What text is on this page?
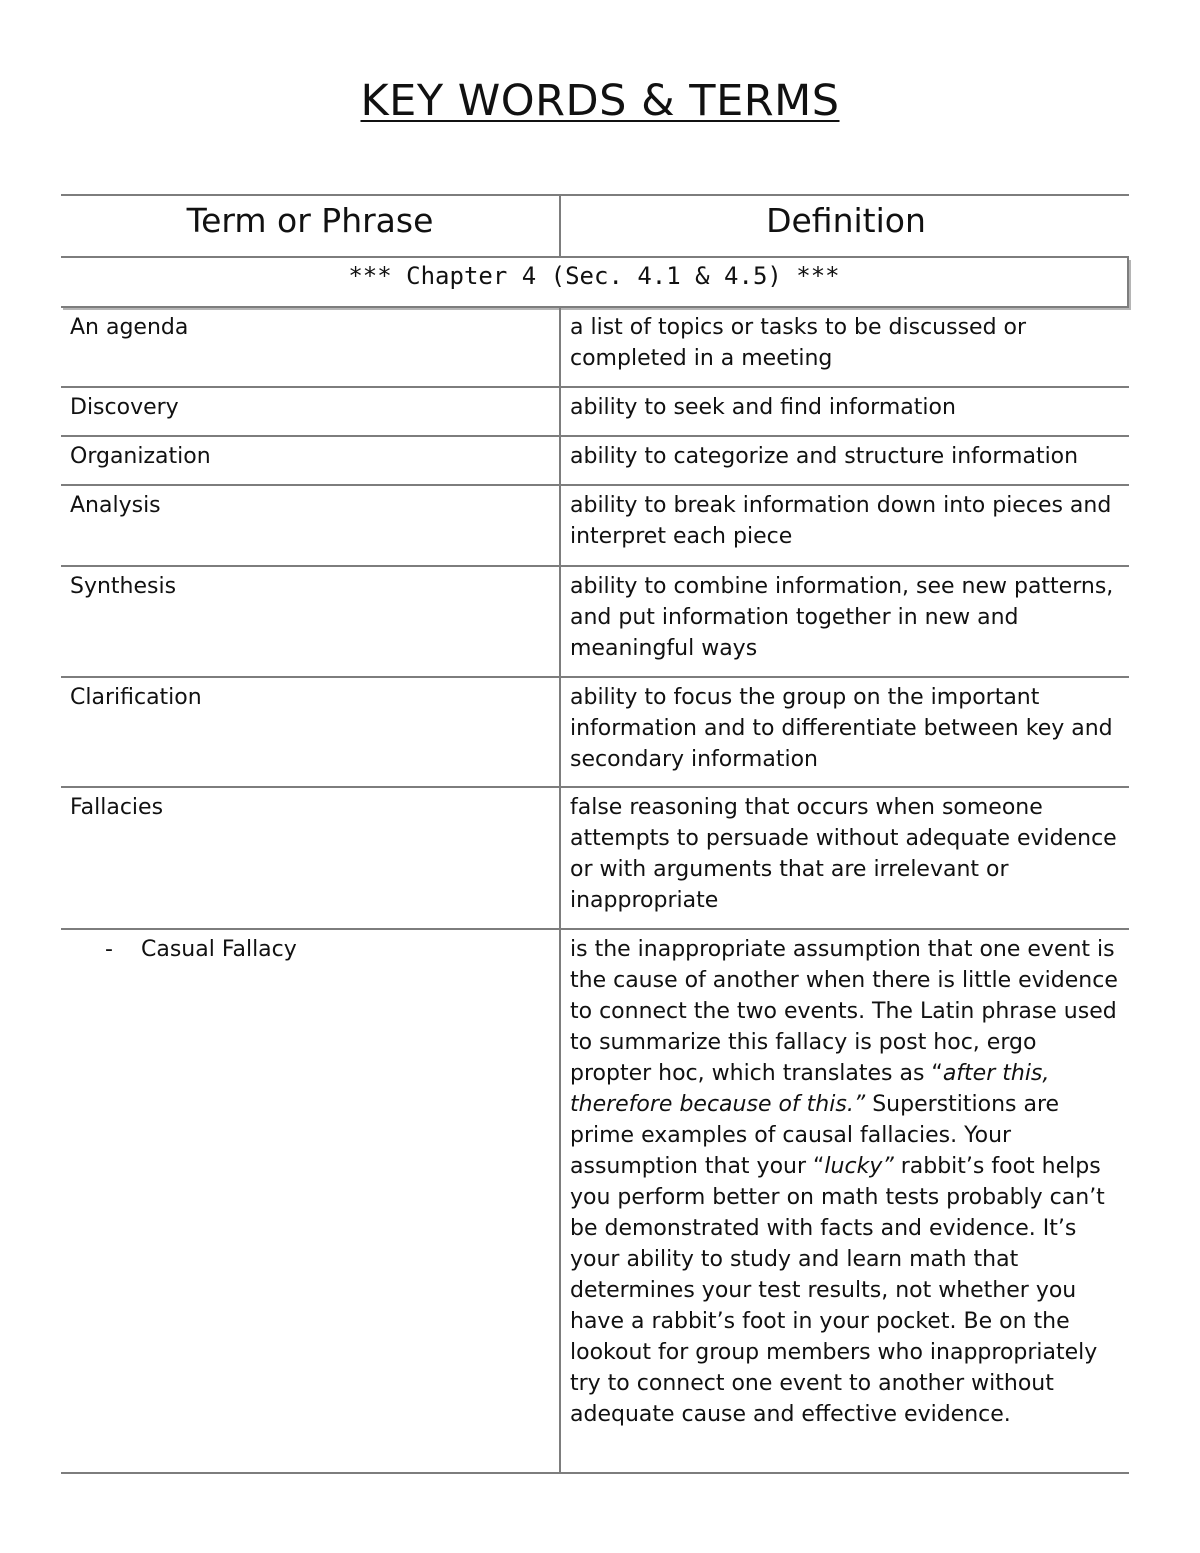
KEY WORDS & TERMS
Term or Phrase	Definition
*** Chapter 4 (Sec. 4.1 & 4.5) ***
An agenda	a list of topics or tasks to be discussed or completed in a meeting
Discovery	ability to seek and find information
Organization	ability to categorize and structure information
Analysis	ability to break information down into pieces and interpret each piece
Synthesis	ability to combine information, see new patterns, and put information together in new and meaningful ways
Clarification	ability to focus the group on the important information and to differentiate between key and secondary information
Fallacies	false reasoning that occurs when someone attempts to persuade without adequate evidence or with arguments that are irrelevant or inappropriate
- Casual Fallacy	is the inappropriate assumption that one event is the cause of another when there is little evidence to connect the two events. The Latin phrase used to summarize this fallacy is post hoc, ergo propter hoc, which translates as “after this, therefore because of this.” Superstitions are prime examples of causal fallacies. Your assumption that your “lucky” rabbit’s foot helps you perform better on math tests probably can’t be demonstrated with facts and evidence. It’s your ability to study and learn math that determines your test results, not whether you have a rabbit’s foot in your pocket. Be on the lookout for group members who inappropriately try to connect one event to another without adequate cause and effective evidence.
